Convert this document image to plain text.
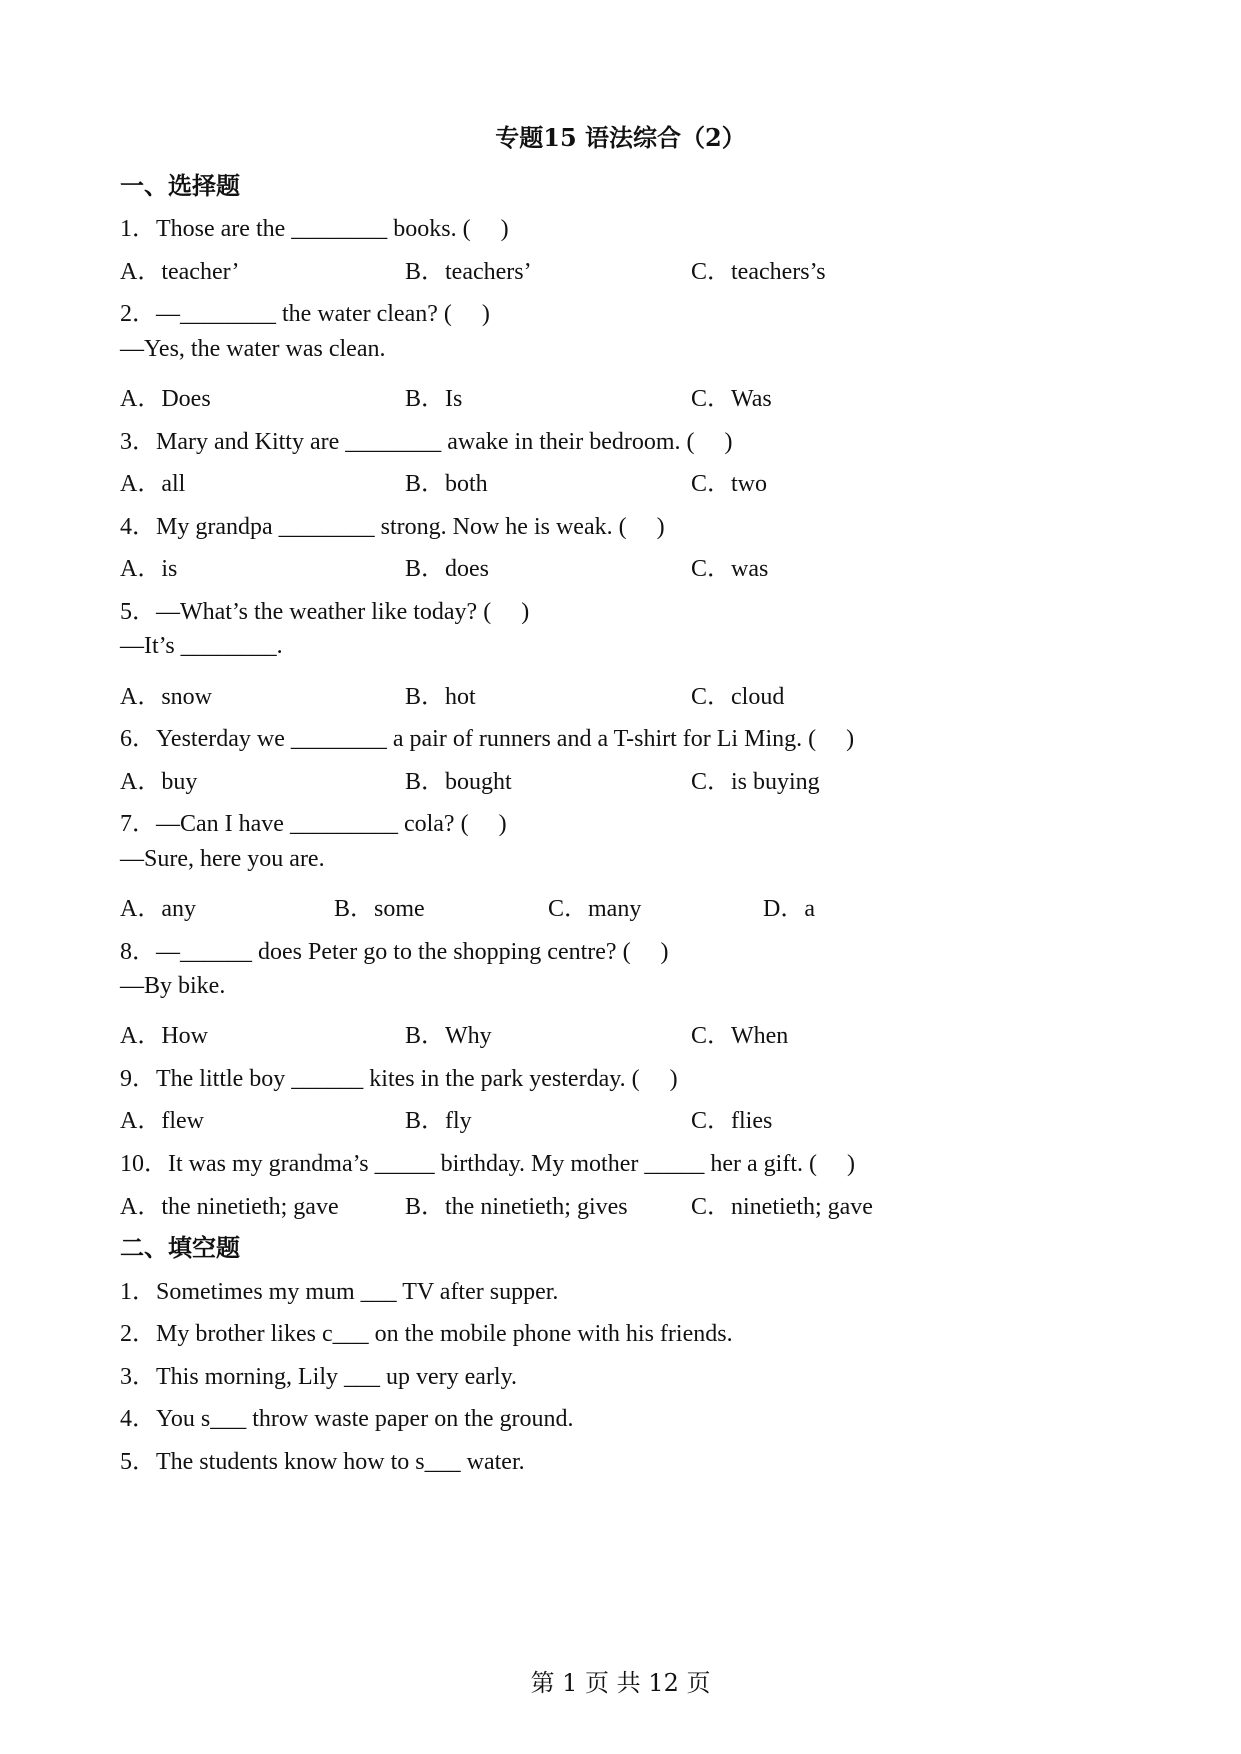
专题15 语法综合（2）
一、选择题
1．Those are the ________ books. (     )
A．teacher’	B．teachers’	C．teachers’s
2．—________ the water clean? (     )
—Yes, the water was clean.
A．Does	B．Is	C．Was
3．Mary and Kitty are ________ awake in their bedroom. (     )
A．all	B．both	C．two
4．My grandpa ________ strong. Now he is weak. (     )
A．is	B．does	C．was
5．—What’s the weather like today? (     )
—It’s ________.
A．snow	B．hot	C．cloud
6．Yesterday we ________ a pair of runners and a T-shirt for Li Ming. (     )
A．buy	B．bought	C．is buying
7．—Can I have _________ cola? (     )
—Sure, here you are.
A．any	B．some	C．many	D．a
8．—______ does Peter go to the shopping centre? (     )
—By bike.
A．How	B．Why	C．When
9．The little boy ______ kites in the park yesterday. (     )
A．flew	B．fly	C．flies
10．It was my grandma’s _____ birthday. My mother _____ her a gift. (     )
A．the ninetieth; gave	B．the ninetieth; gives	C．ninetieth; gave
二、填空题
1．Sometimes my mum ___ TV after supper.
2．My brother likes c___ on the mobile phone with his friends.
3．This morning, Lily ___ up very early.
4．You s___ throw waste paper on the ground.
5．The students know how to s___ water.
第 1 页 共 12 页
